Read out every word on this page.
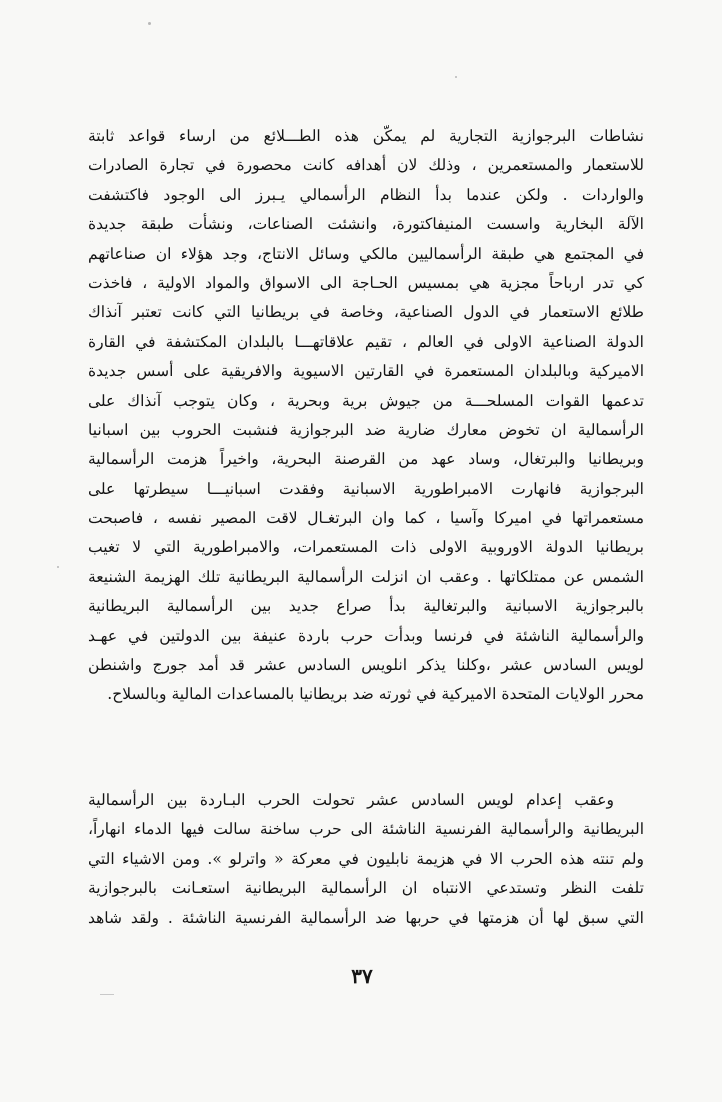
نشاطات البرجوازية التجارية لم يمكّن هذه الطـــلائع من ارساء قواعد ثابتة
للاستعمار والمستعمرين ، وذلك لان أهدافه كانت محصورة في تجارة الصادرات
والواردات . ولكن عندما بدأ النظام الرأسمالي يـبرز الى الوجود فاكتشفت
الآلة البخارية واسست المنيفاكتورة، وانشئت الصناعات، ونشأت طبقة جديدة
في المجتمع هي طبقة الرأسماليين مالكي وسائل الانتاج، وجد هؤلاء ان صناعاتهم
كي تدر ارباحاً مجزية هي بمسيس الحـاجة الى الاسواق والمواد الاولية ، فاخذت
طلائع الاستعمار في الدول الصناعية، وخاصة في بريطانيا التي كانت تعتبر آنذاك
الدولة الصناعية الاولى في العالم ، تقيم علاقاتهـــا بالبلدان المكتشفة في القارة
الاميركية وبالبلدان المستعمرة في القارتين الاسيوية والافريقية على أسس جديدة
تدعمها القوات المسلحـــة من جيوش برية وبحرية ، وكان يتوجب آنذاك على
الرأسمالية ان تخوض معارك ضارية ضد البرجوازية فنشبت الحروب بين اسبانيا
وبريطانيا والبرتغال، وساد عهد من القرصنة البحرية، واخيراً هزمت الرأسمالية
البرجوازية فانهارت الامبراطورية الاسبانية وفقدت اسبانيـــا سيطرتها على
مستعمراتها في اميركا وآسيا ، كما وان البرتغـال لاقت المصير نفسه ، فاصبحت
بريطانيا الدولة الاوروبية الاولى ذات المستعمرات، والامبراطورية التي لا تغيب
الشمس عن ممتلكاتها . وعقب ان انزلت الرأسمالية البريطانية تلك الهزيمة الشنيعة
بالبرجوازية الاسبانية والبرتغالية بدأ صراع جديد بين الرأسمالية البريطانية
والرأسمالية الناشئة في فرنسا وبدأت حرب باردة عنيفة بين الدولتين في عهـد
لويس السادس عشر ،وكلنا يذكر انلويس السادس عشر قد أمد جورج واشنطن
محرر الولايات المتحدة الاميركية في ثورته ضد بريطانيا بالمساعدات المالية وبالسلاح.
وعقب إعدام لويس السادس عشر تحولت الحرب البـاردة بين الرأسمالية
البريطانية والرأسمالية الفرنسية الناشئة الى حرب ساخنة سالت فيها الدماء انهاراً،
ولم تنته هذه الحرب الا في هزيمة نابليون في معركة « واترلو ». ومن الاشياء التي
تلفت النظر وتستدعي الانتباه ان الرأسمالية البريطانية استعـانت بالبرجوازية
التي سبق لها أن هزمتها في حربها ضد الرأسمالية الفرنسية الناشئة . ولقد شاهد
٣٧
